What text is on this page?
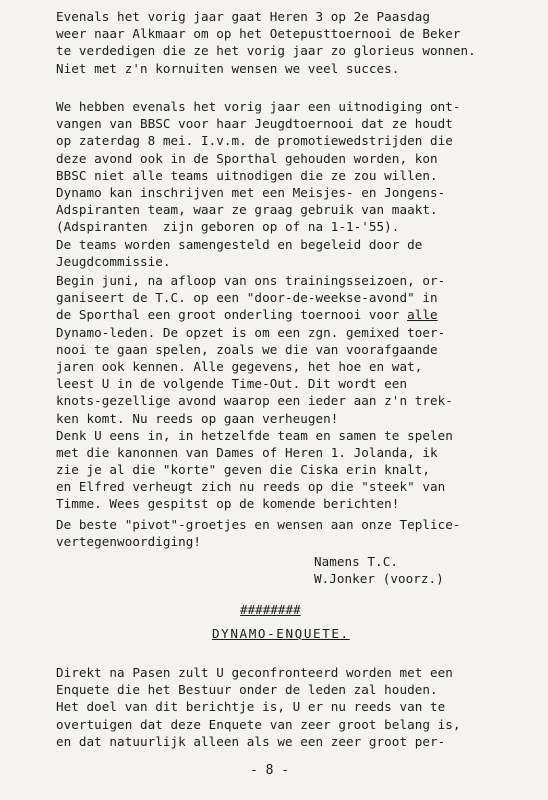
Evenals het vorig jaar gaat Heren 3 op 2e Paasdag
weer naar Alkmaar om op het Oetepusttoernooi de Beker
te verdedigen die ze het vorig jaar zo glorieus wonnen.
Niet met z'n kornuiten wensen we veel succes.
We hebben evenals het vorig jaar een uitnodiging ont-
vangen van BBSC voor haar Jeugdtoernooi dat ze houdt
op zaterdag 8 mei. I.v.m. de promotiewedstrijden die
deze avond ook in de Sporthal gehouden worden, kon
BBSC niet alle teams uitnodigen die ze zou willen.
Dynamo kan inschrijven met een Meisjes- en Jongens-
Adspiranten team, waar ze graag gebruik van maakt.
(Adspiranten  zijn geboren op of na 1-1-'55).
De teams worden samengesteld en begeleid door de
Jeugdcommissie.
Begin juni, na afloop van ons trainingsseizoen, or-
ganiseert de T.C. op een "door-de-weekse-avond" in
de Sporthal een groot onderling toernooi voor alle
Dynamo-leden. De opzet is om een zgn. gemixed toer-
nooi te gaan spelen, zoals we die van voorafgaande
jaren ook kennen. Alle gegevens, het hoe en wat,
leest U in de volgende Time-Out. Dit wordt een
knots-gezellige avond waarop een ieder aan z'n trek-
ken komt. Nu reeds op gaan verheugen!
Denk U eens in, in hetzelfde team en samen te spelen
met die kanonnen van Dames of Heren 1. Jolanda, ik
zie je al die "korte" geven die Ciska erin knalt,
en Elfred verheugt zich nu reeds op die "steek" van
Timme. Wees gespitst op de komende berichten!
De beste "pivot"-groetjes en wensen aan onze Teplice-
vertegenwoordiging!
Namens T.C.
W.Jonker (voorz.)
########
DYNAMO-ENQUETE.
Direkt na Pasen zult U geconfronteerd worden met een
Enquete die het Bestuur onder de leden zal houden.
Het doel van dit berichtje is, U er nu reeds van te
overtuigen dat deze Enquete van zeer groot belang is,
en dat natuurlijk alleen als we een zeer groot per-
- 8 -
